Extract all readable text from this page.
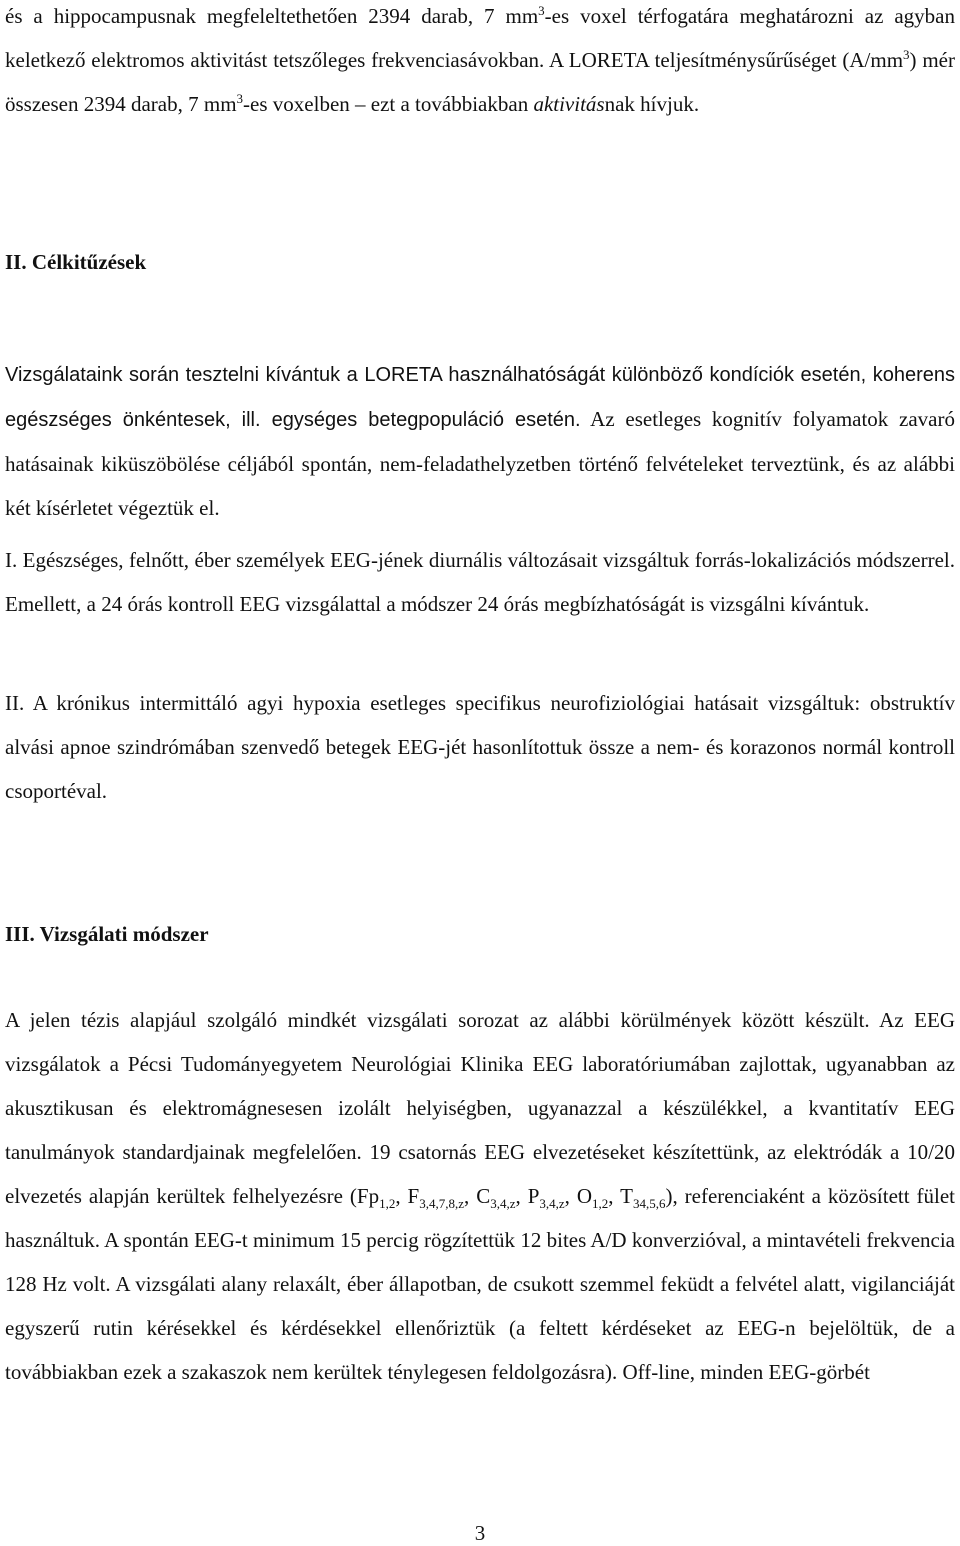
és a hippocampusnak megfeleltethetően 2394 darab, 7 $mm^3-es$ voxel térfogatára meghatározni az agyban keletkező elektromos aktivitást tetszőleges frekvenciasávokban. A LORETA teljesítménysűrűséget $(A/mm^3)$ mér összesen 2394 darab, 7 $mm^3-es$ voxelben – ezt a továbbiakban aktivitásnak hívjuk.

II. Célkitűzések

Vizsgálataink során tesztelni kívántuk a LORETA használhatóságát különböző kondíciók esetén, koherens egészséges önkéntesek, ill. egységes betegpopuláció esetén. Az esetleges kognitív folyamatok zavaró hatásainak kiküszöbölése céljából spontán, nem-feladathelyzetben történő felvételeket terveztünk, és az alábbi két kísérletet végeztük el.

I. Egészséges, felnőtt, éber személyek EEG-jének diurnális változásait vizsgáltuk forrás-lokalizációs módszerrel. Emellett, a 24 órás kontroll EEG vizsgálattal a módszer 24 órás megbízhatóságát is vizsgálni kívántuk.

II. A krónikus intermittáló agyi hypoxia esetleges specifikus neurofiziológiai hatásait vizsgáltuk: obstruktív alvási apnoe szindrómában szenvedő betegek EEG-jét hasonlítottuk össze a nem- és korazonos normál kontroll csoportéval.

III. Vizsgálati módszer

A jelen tézis alapjául szolgáló mindkét vizsgálati sorozat az alábbi körülmények között készült. Az EEG vizsgálatok a Pécsi Tudományegyetem Neurológiai Klinika EEG laboratóriumában zajlottak, ugyanabban az akusztikusan és elektromágnesesen izolált helyiségben, ugyanazzal a készülékkel, a kvantitatív EEG tanulmányok standardjainak megfelelően. 19 csatornás EEG elvezetéseket készítettünk, az elektródák a 10/20 elvezetés alapján kerültek felhelyezésre ($Fp_{1,2}$, $F_{3,4,7,8,z}$, $C_{3,4,z}$, $P_{3,4,z}$, $O_{1,2}$, $T_{34,5,6}$), referenciaként a közösített fület használtuk. A spontán EEG-t minimum 15 percig rögzítettük 12 bites A/D konverzióval, a mintavételi frekvencia 128 Hz volt. A vizsgálati alany relaxált, éber állapotban, de csukott szemmel feküdt a felvétel alatt, vigilanciáját egyszerű rutin kérésekkel és kérdésekkel ellenőriztük (a feltett kérdéseket az EEG-n bejelöltük, de a továbbiakban ezek a szakaszok nem kerültek ténylegesen feldolgozásra). Off-line, minden EEG-görbét

3
